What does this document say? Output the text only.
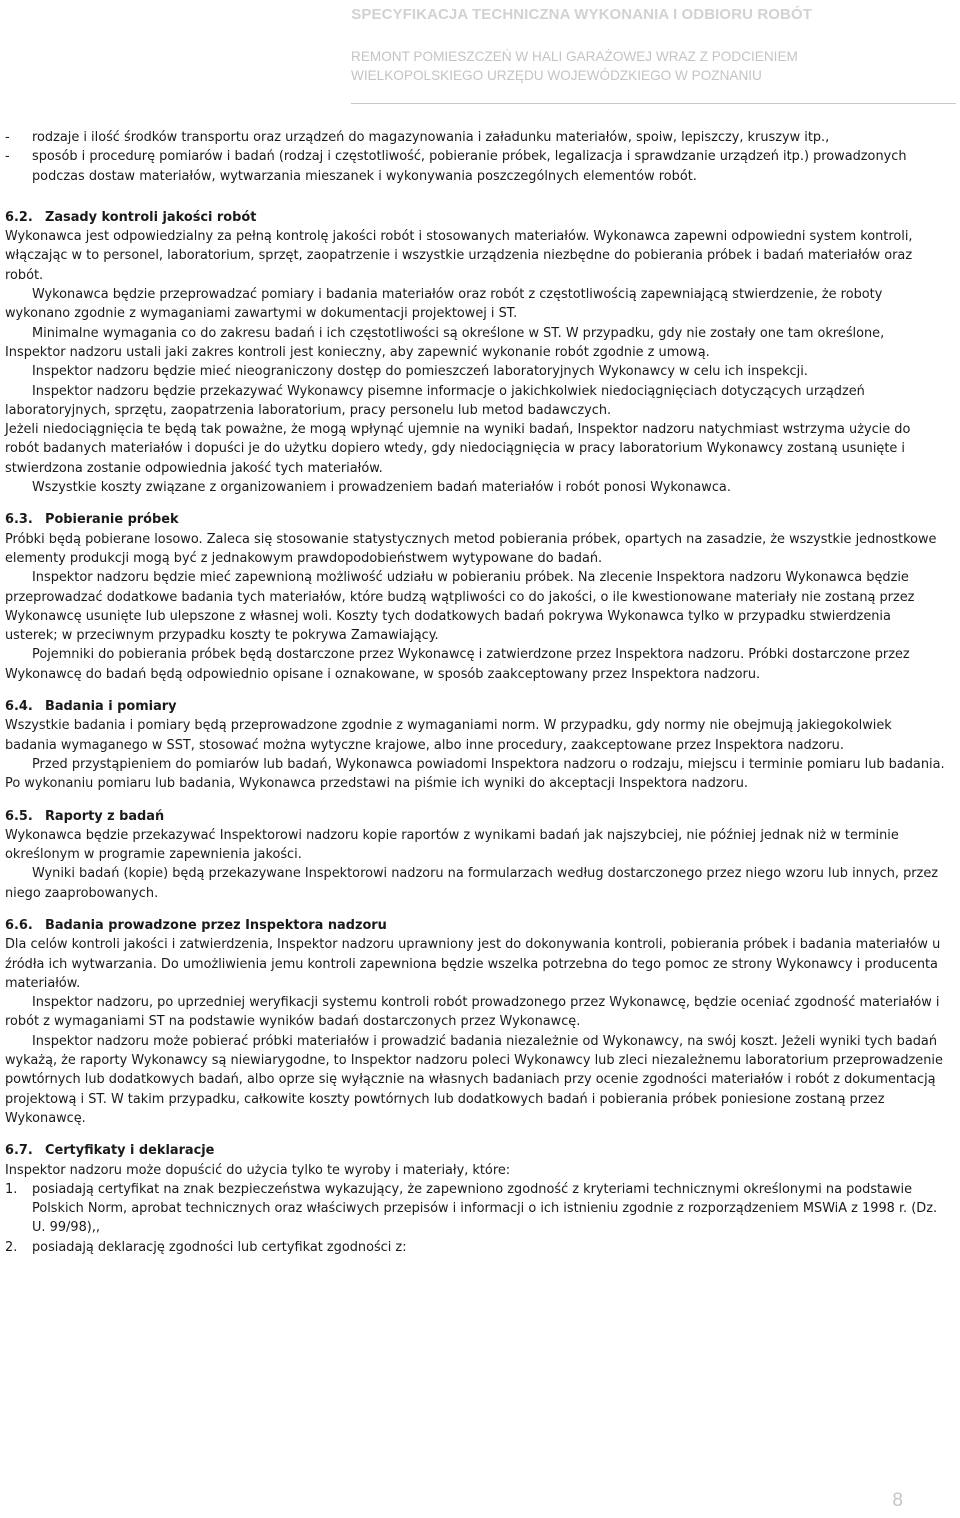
SPECYFIKACJA TECHNICZNA WYKONANIA I ODBIORU ROBÓT
REMONT POMIESZCZEŃ W HALI GARAŻOWEJ WRAZ Z PODCIENIEM
WIELKOPOLSKIEGO URZĘDU WOJEWÓDZKIEGO W POZNANIU
-	rodzaje i ilość środków transportu oraz urządzeń do magazynowania i załadunku materiałów, spoiw, lepiszczy, kruszyw itp.,
-	sposób i procedurę pomiarów i badań (rodzaj i częstotliwość, pobieranie próbek, legalizacja i sprawdzanie urządzeń itp.) prowadzonych podczas dostaw materiałów, wytwarzania mieszanek i wykonywania poszczególnych elementów robót.
6.2. Zasady kontroli jakości robót

Wykonawca jest odpowiedzialny za pełną kontrolę jakości robót i stosowanych materiałów. Wykonawca zapewni odpowiedni system kontroli, włączając w to personel, laboratorium, sprzęt, zaopatrzenie i wszystkie urządzenia niezbędne do pobierania próbek i badań materiałów oraz robót.

Wykonawca będzie przeprowadzać pomiary i badania materiałów oraz robót z częstotliwością zapewniającą stwierdzenie, że roboty wykonano zgodnie z wymaganiami zawartymi w dokumentacji projektowej i ST.

Minimalne wymagania co do zakresu badań i ich częstotliwości są określone w ST. W przypadku, gdy nie zostały one tam określone, Inspektor nadzoru ustali jaki zakres kontroli jest konieczny, aby zapewnić wykonanie robót zgodnie z umową.

Inspektor nadzoru będzie mieć nieograniczony dostęp do pomieszczeń laboratoryjnych Wykonawcy w celu ich inspekcji.

Inspektor nadzoru będzie przekazywać Wykonawcy pisemne informacje o jakichkolwiek niedociągnięciach dotyczących urządzeń laboratoryjnych, sprzętu, zaopatrzenia laboratorium, pracy personelu lub metod badawczych.

Jeżeli niedociągnięcia te będą tak poważne, że mogą wpłynąć ujemnie na wyniki badań, Inspektor nadzoru natychmiast wstrzyma użycie do robót badanych materiałów i dopuści je do użytku dopiero wtedy, gdy niedociągnięcia w pracy laboratorium Wykonawcy zostaną usunięte i stwierdzona zostanie odpowiednia jakość tych materiałów.

Wszystkie koszty związane z organizowaniem i prowadzeniem badań materiałów i robót ponosi Wykonawca.

6.3. Pobieranie próbek

Próbki będą pobierane losowo. Zaleca się stosowanie statystycznych metod pobierania próbek, opartych na zasadzie, że wszystkie jednostkowe elementy produkcji mogą być z jednakowym prawdopodobieństwem wytypowane do badań.

Inspektor nadzoru będzie mieć zapewnioną możliwość udziału w pobieraniu próbek. Na zlecenie Inspektora nadzoru Wykonawca będzie przeprowadzać dodatkowe badania tych materiałów, które budzą wątpliwości co do jakości, o ile kwestionowane materiały nie zostaną przez Wykonawcę usunięte lub ulepszone z własnej woli. Koszty tych dodatkowych badań pokrywa Wykonawca tylko w przypadku stwierdzenia usterek; w przeciwnym przypadku koszty te pokrywa Zamawiający.

Pojemniki do pobierania próbek będą dostarczone przez Wykonawcę i zatwierdzone przez Inspektora nadzoru. Próbki dostarczone przez Wykonawcę do badań będą odpowiednio opisane i oznakowane, w sposób zaakceptowany przez Inspektora nadzoru.

6.4. Badania i pomiary

Wszystkie badania i pomiary będą przeprowadzone zgodnie z wymaganiami norm. W przypadku, gdy normy nie obejmują jakiegokolwiek badania wymaganego w SST, stosować można wytyczne krajowe, albo inne procedury, zaakceptowane przez Inspektora nadzoru.

Przed przystąpieniem do pomiarów lub badań, Wykonawca powiadomi Inspektora nadzoru o rodzaju, miejscu i terminie pomiaru lub badania. Po wykonaniu pomiaru lub badania, Wykonawca przedstawi na piśmie ich wyniki do akceptacji Inspektora nadzoru.

6.5. Raporty z badań

Wykonawca będzie przekazywać Inspektorowi nadzoru kopie raportów z wynikami badań jak najszybciej, nie później jednak niż w terminie określonym w programie zapewnienia jakości.

Wyniki badań (kopie) będą przekazywane Inspektorowi nadzoru na formularzach według dostarczonego przez niego wzoru lub innych, przez niego zaaprobowanych.

6.6. Badania prowadzone przez Inspektora nadzoru

Dla celów kontroli jakości i zatwierdzenia, Inspektor nadzoru uprawniony jest do dokonywania kontroli, pobierania próbek i badania materiałów u źródła ich wytwarzania. Do umożliwienia jemu kontroli zapewniona będzie wszelka potrzebna do tego pomoc ze strony Wykonawcy i producenta materiałów.

Inspektor nadzoru, po uprzedniej weryfikacji systemu kontroli robót prowadzonego przez Wykonawcę, będzie oceniać zgodność materiałów i robót z wymaganiami ST na podstawie wyników badań dostarczonych przez Wykonawcę.

Inspektor nadzoru może pobierać próbki materiałów i prowadzić badania niezależnie od Wykonawcy, na swój koszt. Jeżeli wyniki tych badań wykażą, że raporty Wykonawcy są niewiarygodne, to Inspektor nadzoru poleci Wykonawcy lub zleci niezależnemu laboratorium przeprowadzenie powtórnych lub dodatkowych badań, albo oprze się wyłącznie na własnych badaniach przy ocenie zgodności materiałów i robót z dokumentacją projektową i ST. W takim przypadku, całkowite koszty powtórnych lub dodatkowych badań i pobierania próbek poniesione zostaną przez Wykonawcę.

6.7. Certyfikaty i deklaracje

Inspektor nadzoru może dopuścić do użycia tylko te wyroby i materiały, które:

1.	posiadają certyfikat na znak bezpieczeństwa wykazujący, że zapewniono zgodność z kryteriami technicznymi określonymi na podstawie Polskich Norm, aprobat technicznych oraz właściwych przepisów i informacji o ich istnieniu zgodnie z rozporządzeniem MSWiA z 1998 r. (Dz. U. 99/98),,
2.	posiadają deklarację zgodności lub certyfikat zgodności z:
8
